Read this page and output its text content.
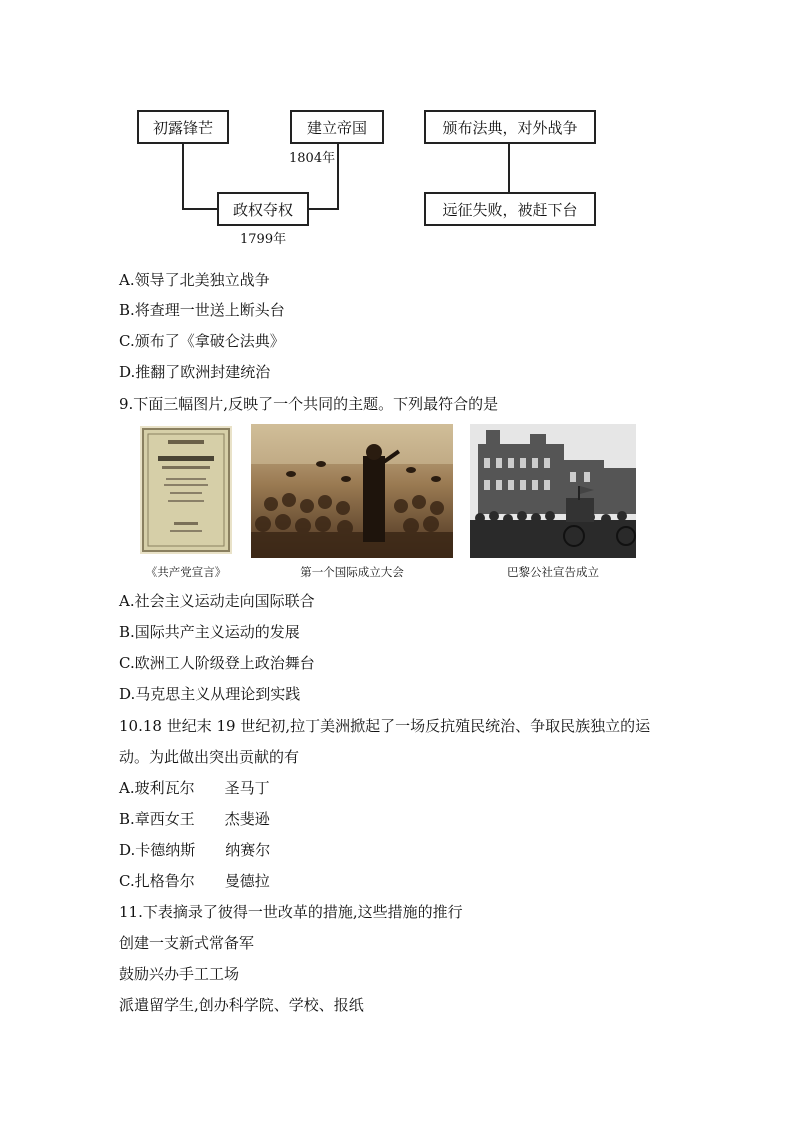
初露锋芒	建立帝国
政权夺权
颁布法典，对外战争
远征失败，被赶下台
1804年
1799年
A.领导了北美独立战争
B.将查理一世送上断头台
C.颁布了《拿破仑法典》
D.推翻了欧洲封建统治
9.下面三幅图片,反映了一个共同的主题。下列最符合的是
《共产党宣言》	第一个国际成立大会	巴黎公社宣告成立
A.社会主义运动走向国际联合
B.国际共产主义运动的发展
C.欧洲工人阶级登上政治舞台
D.马克思主义从理论到实践
10.18 世纪末 19 世纪初,拉丁美洲掀起了一场反抗殖民统治、争取民族独立的运
动。为此做出突出贡献的有
A.玻利瓦尔　　圣马丁
B.章西女王　　杰斐逊
D.卡德纳斯　　纳赛尔
C.扎格鲁尔　　曼德拉
11.下表摘录了彼得一世改革的措施,这些措施的推行
创建一支新式常备军
鼓励兴办手工工场
派遣留学生,创办科学院、学校、报纸
